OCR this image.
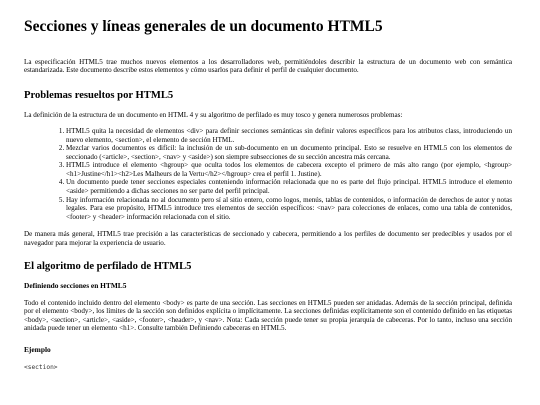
Secciones y líneas generales de un documento HTML5

La especificación HTML5 trae muchos nuevos elementos a los desarrolladores web, permitiéndoles describir la estructura de un documento web con semántica estandarizada. Este documento describe estos elementos y cómo usarlos para definir el perfil de cualquier documento.

Problemas resueltos por HTML5

La definición de la estructura de un documento en HTML 4 y su algoritmo de perfilado es muy tosco y genera numerosos problemas:

1. HTML5 quita la necesidad de elementos <div> para definir secciones semánticas sin definir valores específicos para los atributos class, introduciendo un nuevo elemento, <section>, el elemento de sección HTML.
2. Mezclar varios documentos es difícil: la inclusión de un sub-documento en un documento principal. Esto se resuelve en HTML5 con los elementos de seccionado (<article>, <section>, <nav> y <aside>) son siempre subsecciones de su sección ancestra más cercana.
3. HTML5 introduce el elemento <hgroup> que oculta todos los elementos de cabecera excepto el primero de más alto rango (por ejemplo, <hgroup><h1>Justine</h1><h2>Les Malheurs de la Vertu</h2></hgroup> crea el perfil 1. Justine).
4. Un documento puede tener secciones especiales conteniendo información relacionada que no es parte del flujo principal. HTML5 introduce el elemento <aside> permitiendo a dichas secciones no ser parte del perfil principal.
5. Hay información relacionada no al documento pero sí al sitio entero, como logos, menús, tablas de contenidos, o información de derechos de autor y notas legales. Para ese propósito, HTML5 introduce tres elementos de sección específicos: <nav> para colecciones de enlaces, como una tabla de contenidos, <footer> y <header> información relacionada con el sitio.

De manera más general, HTML5 trae precisión a las características de seccionado y cabecera, permitiendo a los perfiles de documento ser predecibles y usados por el navegador para mejorar la experiencia de usuario.

El algoritmo de perfilado de HTML5
Definiendo secciones en HTML5

Todo el contenido incluido dentro del elemento <body> es parte de una sección. Las secciones en HTML5 pueden ser anidadas. Además de la sección principal, definida por el elemento <body>, los límites de la sección son definidos explícita o implícitamente. La secciones definidas explícitamente son el contenido definido en las etiquetas <body>, <section>, <article>, <aside>, <footer>, <header>, y <nav>. Nota: Cada sección puede tener su propia jerarquía de cabeceras. Por lo tanto, incluso una sección anidada puede tener un elemento <h1>. Consulte también Definiendo cabeceras en HTML5.

Ejemplo
<section>
